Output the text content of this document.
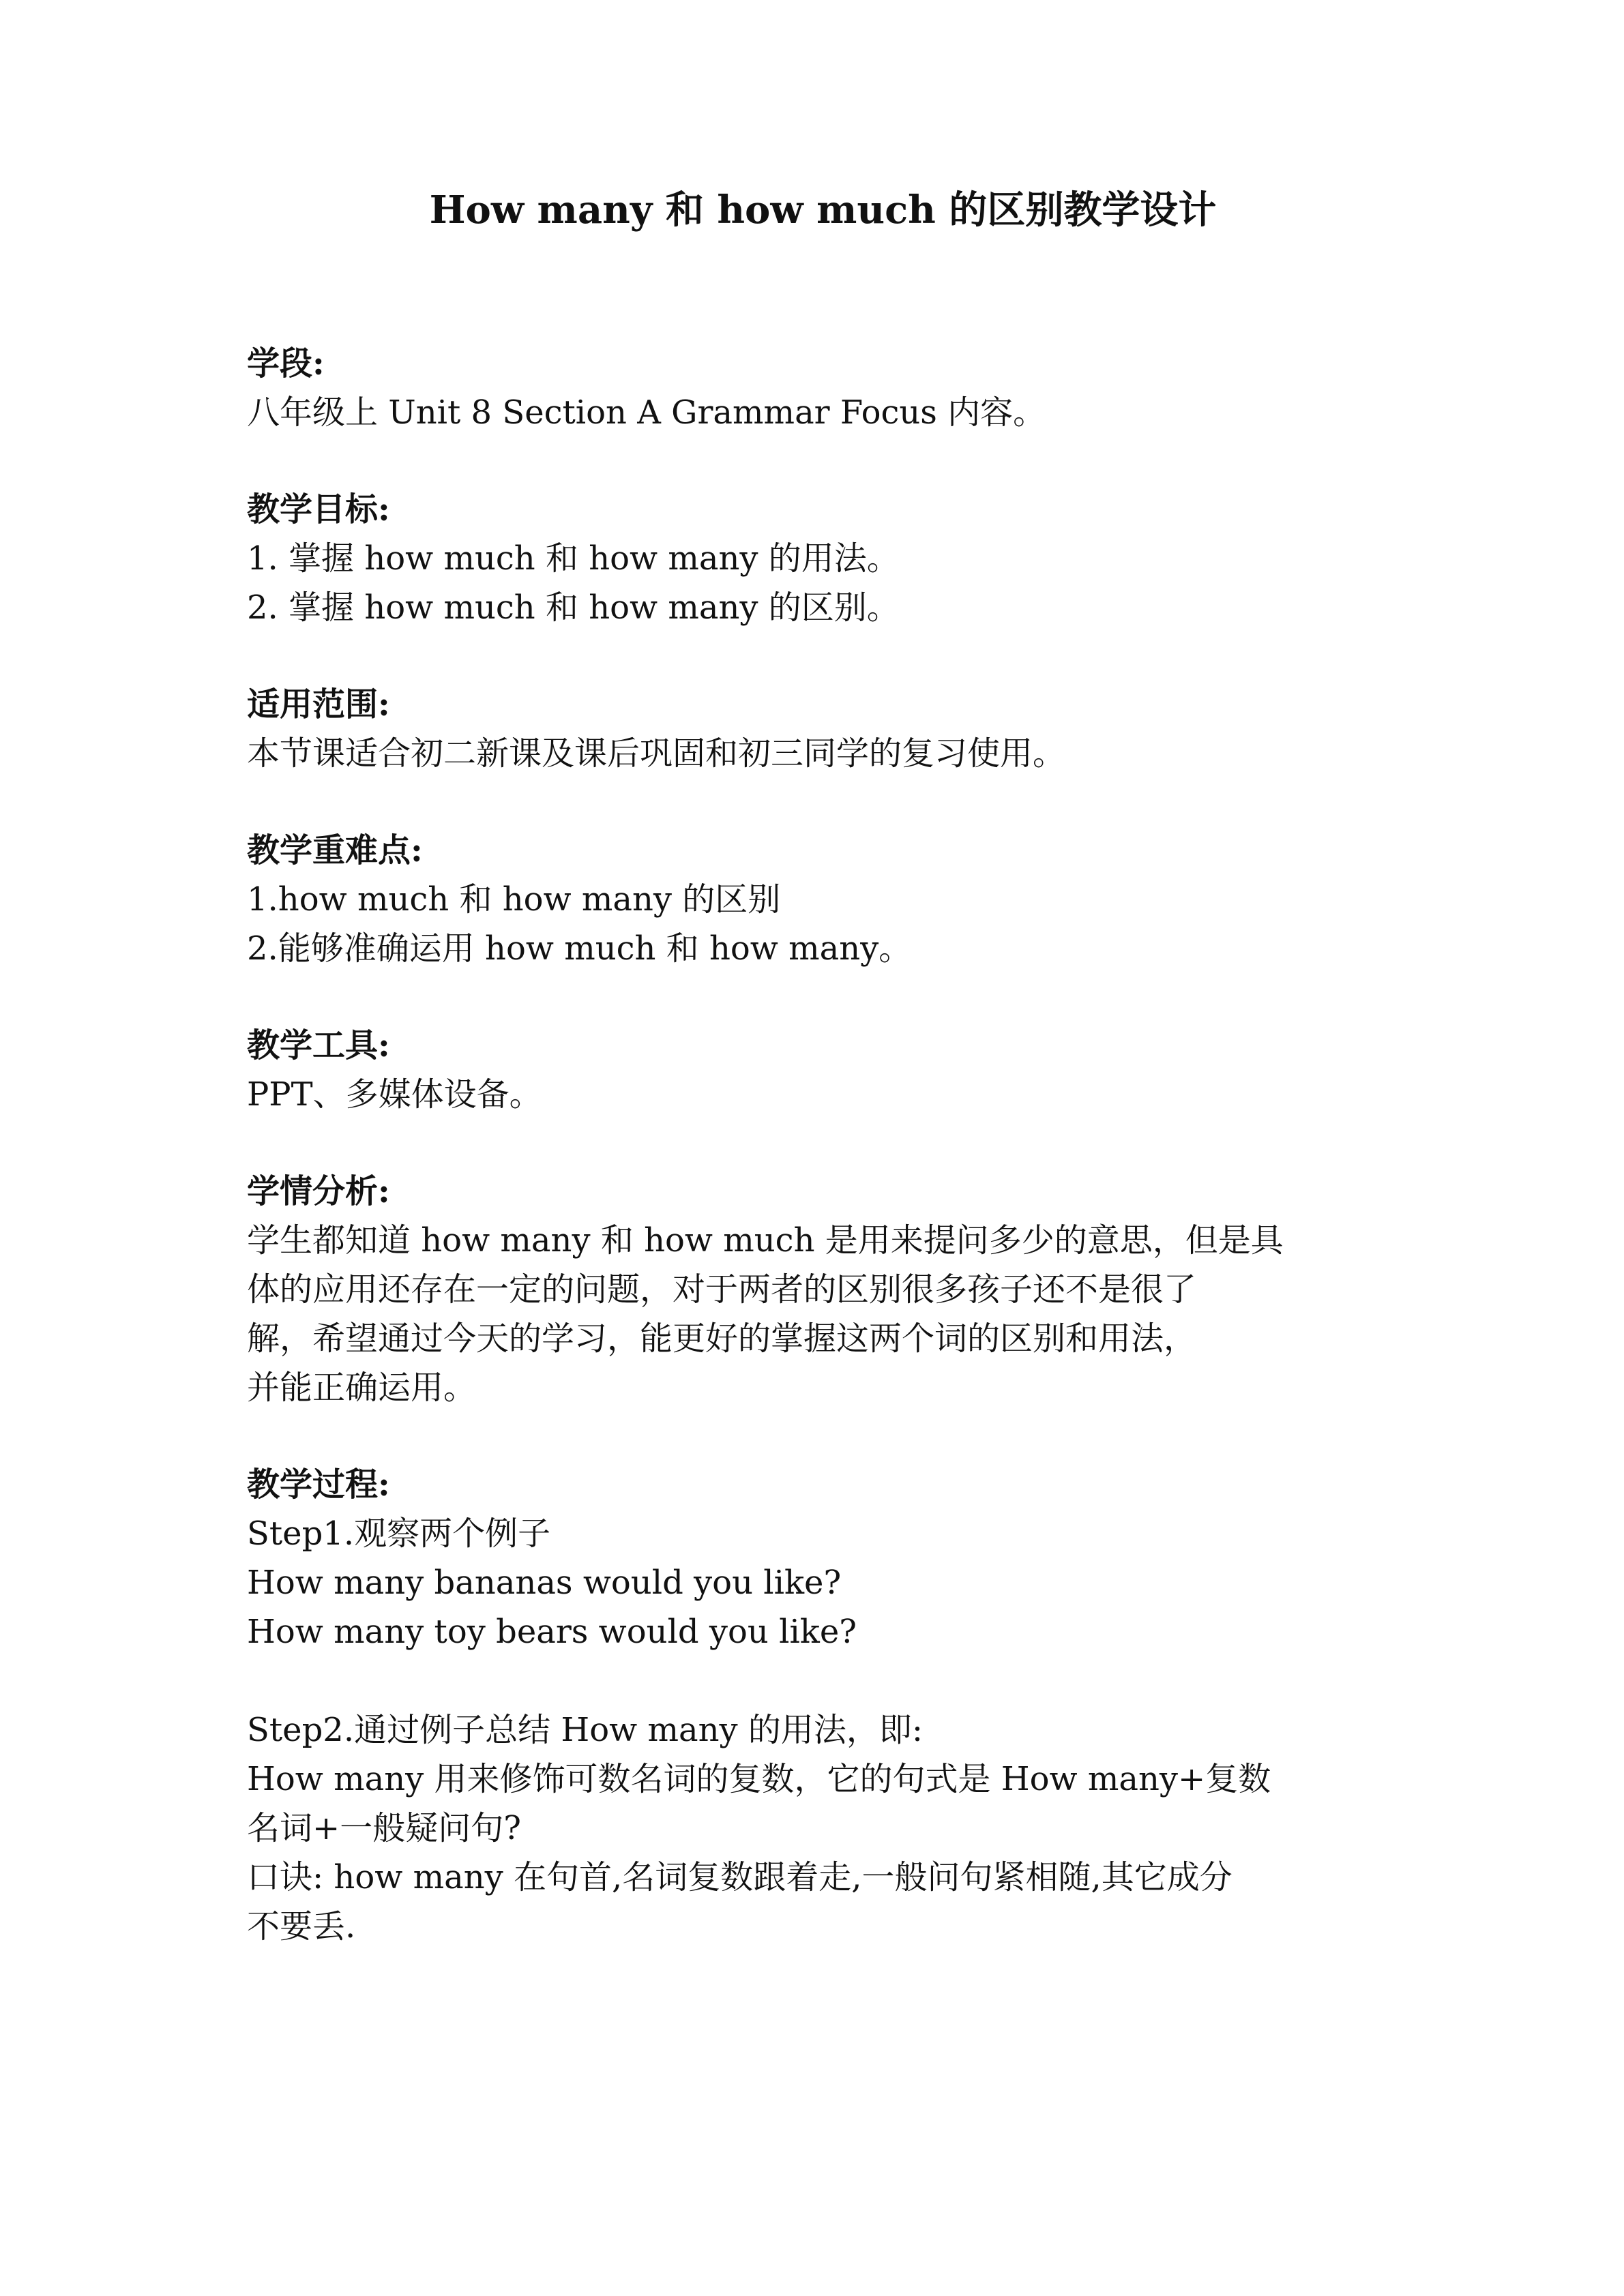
How many 和 how much 的区别教学设计
学段:
八年级上 Unit 8 Section A Grammar Focus 内容。
教学目标:
1. 掌握 how much 和 how many 的用法。
2. 掌握 how much 和 how many 的区别。
适用范围:
本节课适合初二新课及课后巩固和初三同学的复习使用。
教学重难点:
1.how much 和 how many 的区别
2.能够准确运用 how much 和 how many。
教学工具:
PPT、多媒体设备。
学情分析:
学生都知道 how many 和 how much 是用来提问多少的意思，但是具
体的应用还存在一定的问题，对于两者的区别很多孩子还不是很了
解，希望通过今天的学习，能更好的掌握这两个词的区别和用法，
并能正确运用。
教学过程:
Step1.观察两个例子
How many bananas would you like?
How many toy bears would you like?
Step2.通过例子总结 How many 的用法，即:
How many 用来修饰可数名词的复数，它的句式是 How many+复数
名词+一般疑问句?
口诀: how many 在句首,名词复数跟着走,一般问句紧相随,其它成分
不要丢.
